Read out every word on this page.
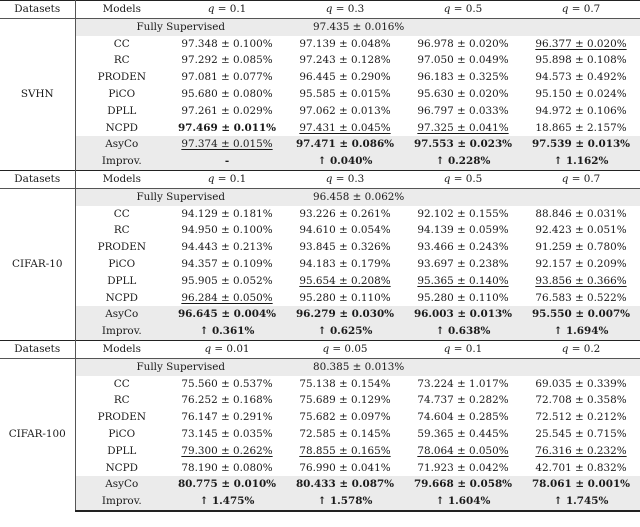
Datasets	Models	q = 0.1	q = 0.3	q = 0.5	q = 0.7
SVHN	Fully Supervised		97.435 ± 0.016%		
	CC	97.348 ± 0.100%	97.139 ± 0.048%	96.978 ± 0.020%	96.377 ± 0.020%
	RC	97.292 ± 0.085%	97.243 ± 0.128%	97.050 ± 0.049%	95.898 ± 0.108%
	PRODEN	97.081 ± 0.077%	96.445 ± 0.290%	96.183 ± 0.325%	94.573 ± 0.492%
	PiCO	95.680 ± 0.080%	95.585 ± 0.015%	95.630 ± 0.020%	95.150 ± 0.024%
	DPLL	97.261 ± 0.029%	97.062 ± 0.013%	96.797 ± 0.033%	94.972 ± 0.106%
	NCPD	97.469 ± 0.011%	97.431 ± 0.045%	97.325 ± 0.041%	18.865 ± 2.157%
	AsyCo	97.374 ± 0.015%	97.471 ± 0.086%	97.553 ± 0.023%	97.539 ± 0.013%
	Improv.	-	↑ 0.040%	↑ 0.228%	↑ 1.162%
Datasets	Models	q = 0.1	q = 0.3	q = 0.5	q = 0.7
CIFAR-10	Fully Supervised		96.458 ± 0.062%		
	CC	94.129 ± 0.181%	93.226 ± 0.261%	92.102 ± 0.155%	88.846 ± 0.031%
	RC	94.950 ± 0.100%	94.610 ± 0.054%	94.139 ± 0.059%	92.423 ± 0.051%
	PRODEN	94.443 ± 0.213%	93.845 ± 0.326%	93.466 ± 0.243%	91.259 ± 0.780%
	PiCO	94.357 ± 0.109%	94.183 ± 0.179%	93.697 ± 0.238%	92.157 ± 0.209%
	DPLL	95.905 ± 0.052%	95.654 ± 0.208%	95.365 ± 0.140%	93.856 ± 0.366%
	NCPD	96.284 ± 0.050%	95.280 ± 0.110%	95.280 ± 0.110%	76.583 ± 0.522%
	AsyCo	96.645 ± 0.004%	96.279 ± 0.030%	96.003 ± 0.013%	95.550 ± 0.007%
	Improv.	↑ 0.361%	↑ 0.625%	↑ 0.638%	↑ 1.694%
Datasets	Models	q = 0.01	q = 0.05	q = 0.1	q = 0.2
CIFAR-100	Fully Supervised		80.385 ± 0.013%		
	CC	75.560 ± 0.537%	75.138 ± 0.154%	73.224 ± 1.017%	69.035 ± 0.339%
	RC	76.252 ± 0.168%	75.689 ± 0.129%	74.737 ± 0.282%	72.708 ± 0.358%
	PRODEN	76.147 ± 0.291%	75.682 ± 0.097%	74.604 ± 0.285%	72.512 ± 0.212%
	PiCO	73.145 ± 0.035%	72.585 ± 0.145%	59.365 ± 0.445%	25.545 ± 0.715%
	DPLL	79.300 ± 0.262%	78.855 ± 0.165%	78.064 ± 0.050%	76.316 ± 0.232%
	NCPD	78.190 ± 0.080%	76.990 ± 0.041%	71.923 ± 0.042%	42.701 ± 0.832%
	AsyCo	80.775 ± 0.010%	80.433 ± 0.087%	79.668 ± 0.058%	78.061 ± 0.001%
	Improv.	↑ 1.475%	↑ 1.578%	↑ 1.604%	↑ 1.745%
